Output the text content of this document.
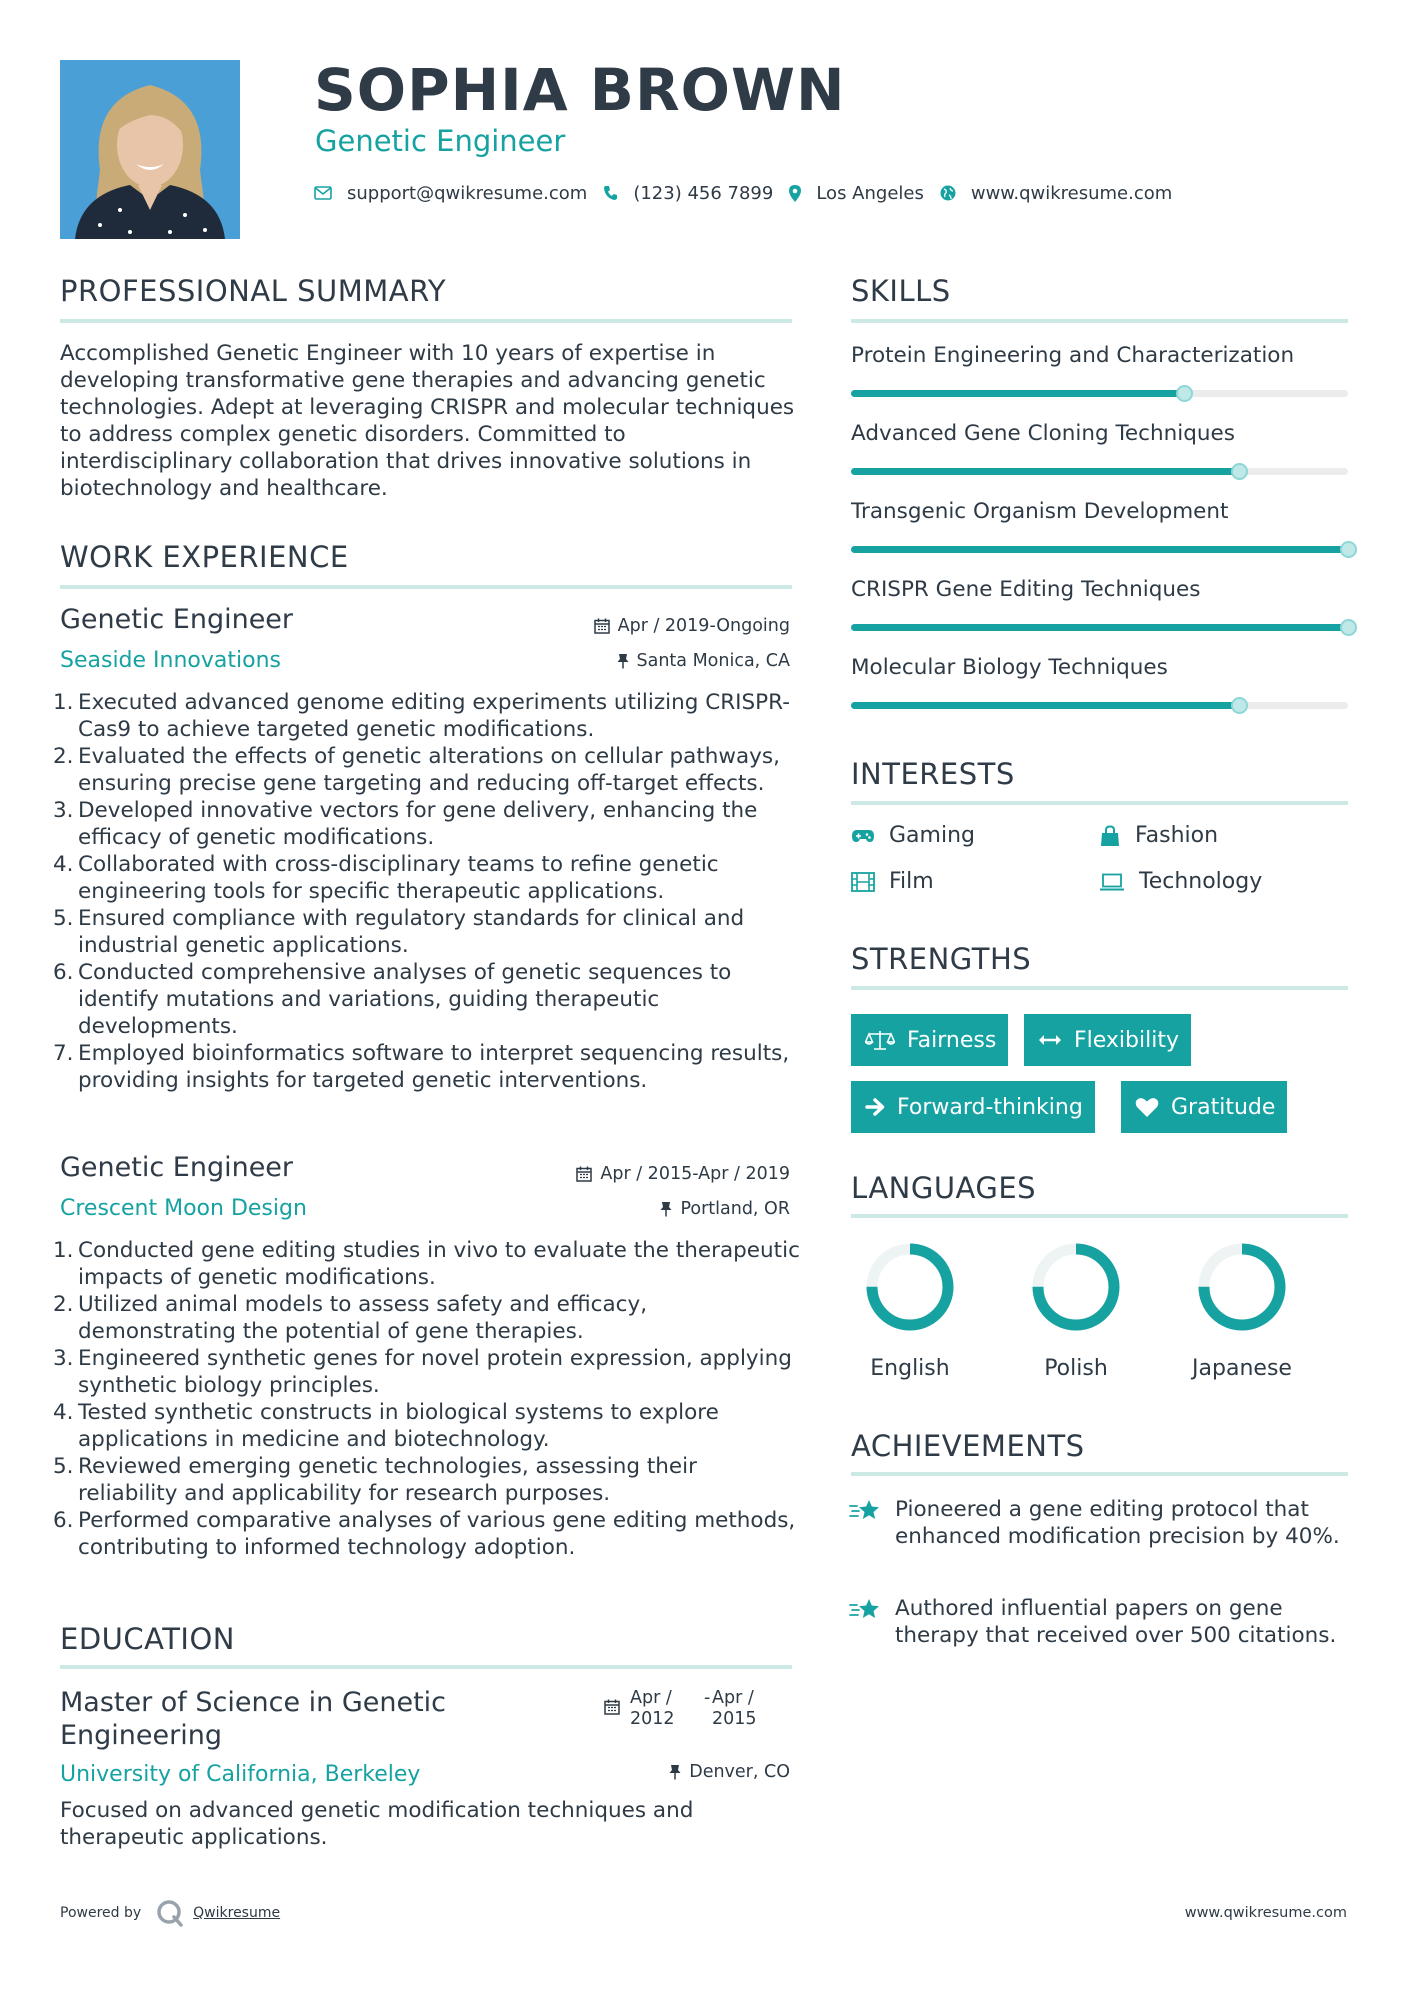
SOPHIA BROWN
Genetic Engineer
support@qwikresume.com	(123) 456 7899 Los Angeles	www.qwikresume.com
PROFESSIONAL SUMMARY
Accomplished Genetic Engineer with 10 years of expertise in developing transformative gene therapies and advancing genetic technologies. Adept at leveraging CRISPR and molecular techniques to address complex genetic disorders. Committed to interdisciplinary collaboration that drives innovative solutions in biotechnology and healthcare.
WORK EXPERIENCE
Genetic Engineer
Seaside Innovations
Apr / 2019-Ongoing
Santa Monica, CA
1. Executed advanced genome editing experiments utilizing CRISPR-Cas9 to achieve targeted genetic modifications.
2. Evaluated the effects of genetic alterations on cellular pathways, ensuring precise gene targeting and reducing off-target effects.
3. Developed innovative vectors for gene delivery, enhancing the efficacy of genetic modifications.
4. Collaborated with cross-disciplinary teams to refine genetic engineering tools for specific therapeutic applications.
5. Ensured compliance with regulatory standards for clinical and industrial genetic applications.
6. Conducted comprehensive analyses of genetic sequences to identify mutations and variations, guiding therapeutic developments.
7. Employed bioinformatics software to interpret sequencing results, providing insights for targeted genetic interventions.
Genetic Engineer
Crescent Moon Design
Apr / 2015-Apr / 2019
Portland, OR
1. Conducted gene editing studies in vivo to evaluate the therapeutic impacts of genetic modifications.
2. Utilized animal models to assess safety and efficacy, demonstrating the potential of gene therapies.
3. Engineered synthetic genes for novel protein expression, applying synthetic biology principles.
4. Tested synthetic constructs in biological systems to explore applications in medicine and biotechnology.
5. Reviewed emerging genetic technologies, assessing their reliability and applicability for research purposes.
6. Performed comparative analyses of various gene editing methods, contributing to informed technology adoption.
EDUCATION
Master of Science in Genetic Engineering
University of California, Berkeley
Apr / 2012
- Apr / 2015
Denver, CO
Focused on advanced genetic modification techniques and therapeutic applications.
SKILLS
Protein Engineering and Characterization
Advanced Gene Cloning Techniques
Transgenic Organism Development
CRISPR Gene Editing Techniques
Molecular Biology Techniques
INTERESTS
Gaming	Fashion
Film	Technology
STRENGTHS
Fairness	Flexibility
Forward-thinking	Gratitude
LANGUAGES
English	Polish	Japanese
ACHIEVEMENTS
Pioneered a gene editing protocol that enhanced modification precision by 40%.
Authored influential papers on gene therapy that received over 500 citations.
Powered by	Qwikresume	www.qwikresume.com
